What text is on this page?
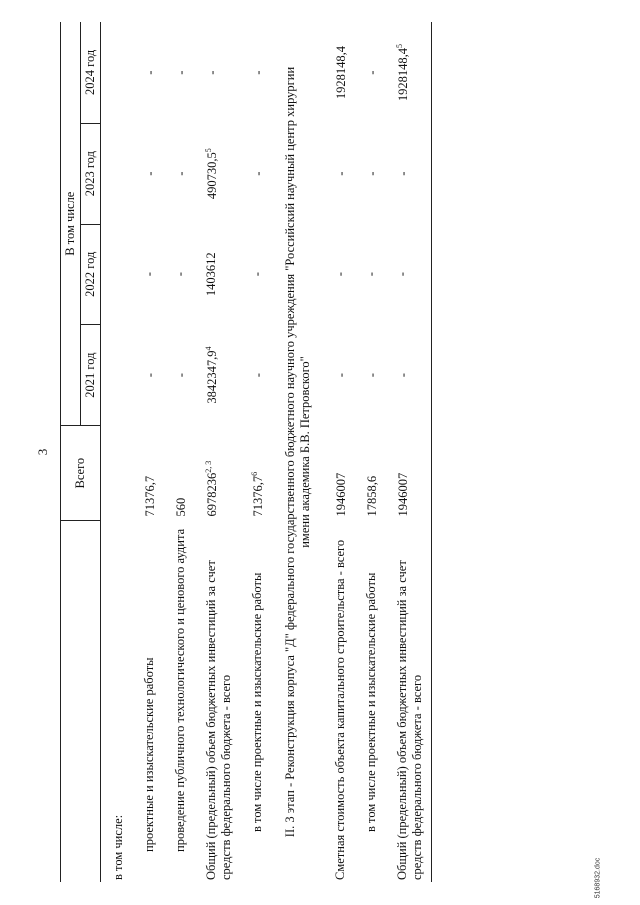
3
5168932.doc
	Всего	В том числе			
		2021 год	2022 год	2023 год	2024 год
в том числе:					
проектные и изыскательские работы	71376,7	-	-	-	-
проведение публичного технологического и ценового аудита	560	-	-	-	-
Общий (предельный) объем бюджетных инвестиций за счет средств федерального бюджета - всего	6978236$^{2, 3}$	3842347,9$^4$	1403612	490730,5$^5$	-
в том числе проектные и изыскательские работы	71376,7$^6$	-	-	-	-
II. 3 этап - Реконструкция корпуса "Д" федерального государственного бюджетного научного учреждения "Российский научный центр хирургии имени академика Б.В. Петровского"					
Сметная стоимость объекта капитального строительства - всего	1946007	-	-	-	1928148,4
в том числе проектные и изыскательские работы	17858,6	-	-	-	-
Общий (предельный) объем бюджетных инвестиций за счет средств федерального бюджета - всего	1946007	-	-	-	1928148,4$^5$
